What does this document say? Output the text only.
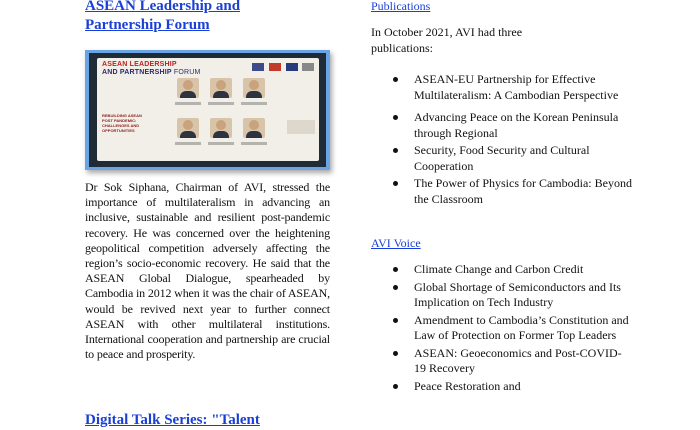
ASEAN Leadership and Partnership Forum
ASEAN LEADERSHIP
AND PARTNERSHIP FORUM
REBUILDING ASEAN POST PANDEMIC: CHALLENGES AND OPPORTUNITIES

Dr Sok Siphana, Chairman of AVI, stressed the importance of multilateralism in advancing an inclusive, sustainable and resilient post-pandemic recovery. He was concerned over the heightening geopolitical competition adversely affecting the region’s socio-economic recovery. He said that the ASEAN Global Dialogue, spearheaded by Cambodia in 2012 when it was the chair of ASEAN, would be revived next year to further connect ASEAN with other multilateral institutions. International cooperation and partnership are crucial to peace and prosperity.

Digital Talk Series: "Talent
Publications

In October 2021, AVI had three publications:

ASEAN-EU Partnership for Effective Multilateralism: A Cambodian Perspective
Advancing Peace on the Korean Peninsula through Regional
Security, Food Security and Cultural Cooperation
The Power of Physics for Cambodia: Beyond the Classroom
AVI Voice
Climate Change and Carbon Credit
Global Shortage of Semiconductors and Its Implication on Tech Industry
Amendment to Cambodia’s Constitution and Law of Protection on Former Top Leaders
ASEAN: Geoeconomics and Post-COVID-19 Recovery
Peace Restoration and
